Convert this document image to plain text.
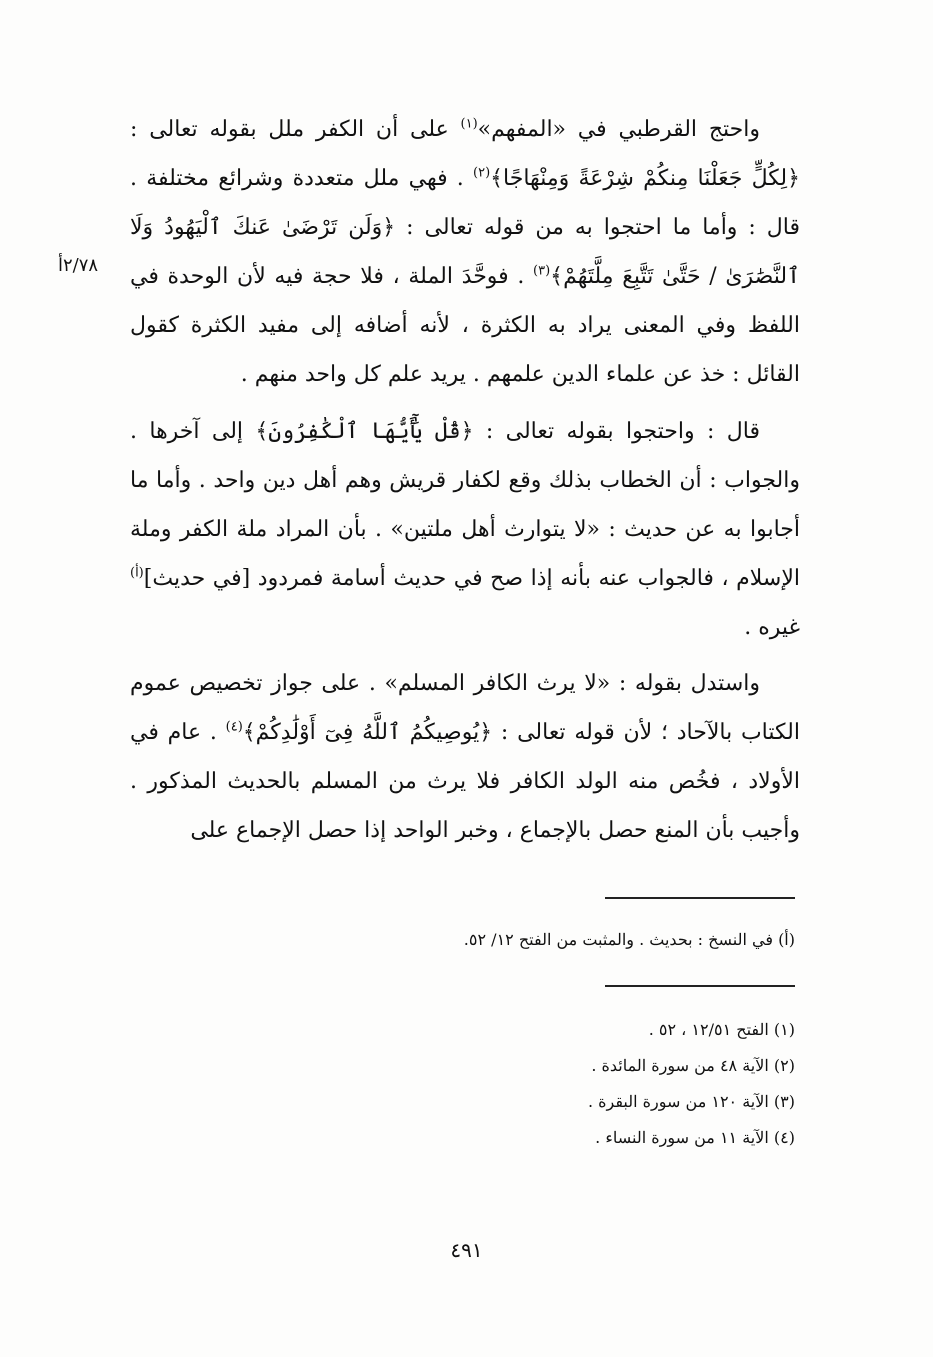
٢/٧٨أ

واحتج القرطبي في «المفهم»$^{(١)}$ على أن الكفر ملل بقوله تعالى : ﴿لِكُلٍّ جَعَلْنَا مِنكُمْ شِرْعَةً وَمِنْهَاجًا﴾$^{(٢)}$ . فهي ملل متعددة وشرائع مختلفة . قال : وأما ما احتجوا به من قوله تعالى : ﴿وَلَن تَرْضَىٰ عَنكَ ٱلْيَهُودُ وَلَا ٱلنَّصَٰرَىٰ / حَتَّىٰ تَتَّبِعَ مِلَّتَهُمْ﴾$^{(٣)}$ . فوحَّدَ الملة ، فلا حجة فيه لأن الوحدة في اللفظ وفي المعنى يراد به الكثرة ، لأنه أضافه إلى مفيد الكثرة كقول القائل : خذ عن علماء الدين علمهم . يريد علم كل واحد منهم .

قال : واحتجوا بقوله تعالى : ﴿قُلْ يَٰٓأَيُّهَا ٱلْكَٰفِرُونَ﴾ إلى آخرها . والجواب : أن الخطاب بذلك وقع لكفار قريش وهم أهل دين واحد . وأما ما أجابوا به عن حديث : «لا يتوارث أهل ملتين» . بأن المراد ملة الكفر وملة الإسلام ، فالجواب عنه بأنه إذا صح في حديث أسامة فمردود [في حديث]$^{(أ)}$ غيره .

واستدل بقوله : «لا يرث الكافر المسلم» . على جواز تخصيص عموم الكتاب بالآحاد ؛ لأن قوله تعالى : ﴿يُوصِيكُمُ ٱللَّهُ فِىٓ أَوْلَٰدِكُمْ﴾$^{(٤)}$ . عام في الأولاد ، فخُص منه الولد الكافر فلا يرث من المسلم بالحديث المذكور . وأجيب بأن المنع حصل بالإجماع ، وخبر الواحد إذا حصل الإجماع على

(أ) في النسخ : بحديث . والمثبت من الفتح ١٢/ ٥٢.
(١) الفتح ١٢/٥١ ، ٥٢ .
(٢) الآية ٤٨ من سورة المائدة .
(٣) الآية ١٢٠ من سورة البقرة .
(٤) الآية ١١ من سورة النساء .
٤٩١
